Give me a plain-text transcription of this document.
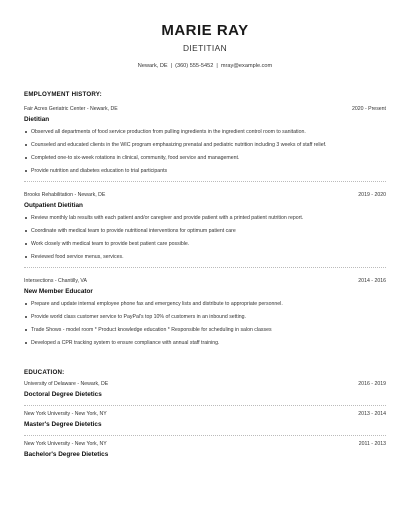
MARIE RAY
DIETITIAN
Newark, DE | (360) 555-5452 | mray@example.com
EMPLOYMENT HISTORY:
Fair Acres Geriatric Center - Newark, DE	2020 - Present
Dietitian
Observed all departments of food service production from pulling ingredients in the ingredient control room to sanitation.
Counseled and educated clients in the WIC program emphasizing prenatal and pediatric nutrition including 3 weeks of staff relief.
Completed one-to six-week rotations in clinical, community, food service and management.
Provide nutrition and diabetes education to trial participants
Brooks Rehabilitation - Newark, DE	2019 - 2020
Outpatient Dietitian
Review monthly lab results with each patient and/or caregiver and provide patient with a printed patient nutrition report.
Coordinate with medical team to provide nutritional interventions for optimum patient care
Work closely with medical team to provide best patient care possible.
Reviewed food service menus, services.
Intersections - Chantilly, VA	2014 - 2016
New Member Educator
Prepare and update internal employee phone fax and emergency lists and distribute to appropriate personnel.
Provide world class customer service to PayPal's top 10% of customers in an inbound setting.
Trade Shows - model room * Product knowledge education * Responsible for scheduling in salon classes
Developed a CPR tracking system to ensure compliance with annual staff training.
EDUCATION:
University of Delaware - Newark, DE	2016 - 2019
Doctoral Degree Dietetics
New York University - New York, NY	2013 - 2014
Master's Degree Dietetics
New York University - New York, NY	2011 - 2013
Bachelor's Degree Dietetics
